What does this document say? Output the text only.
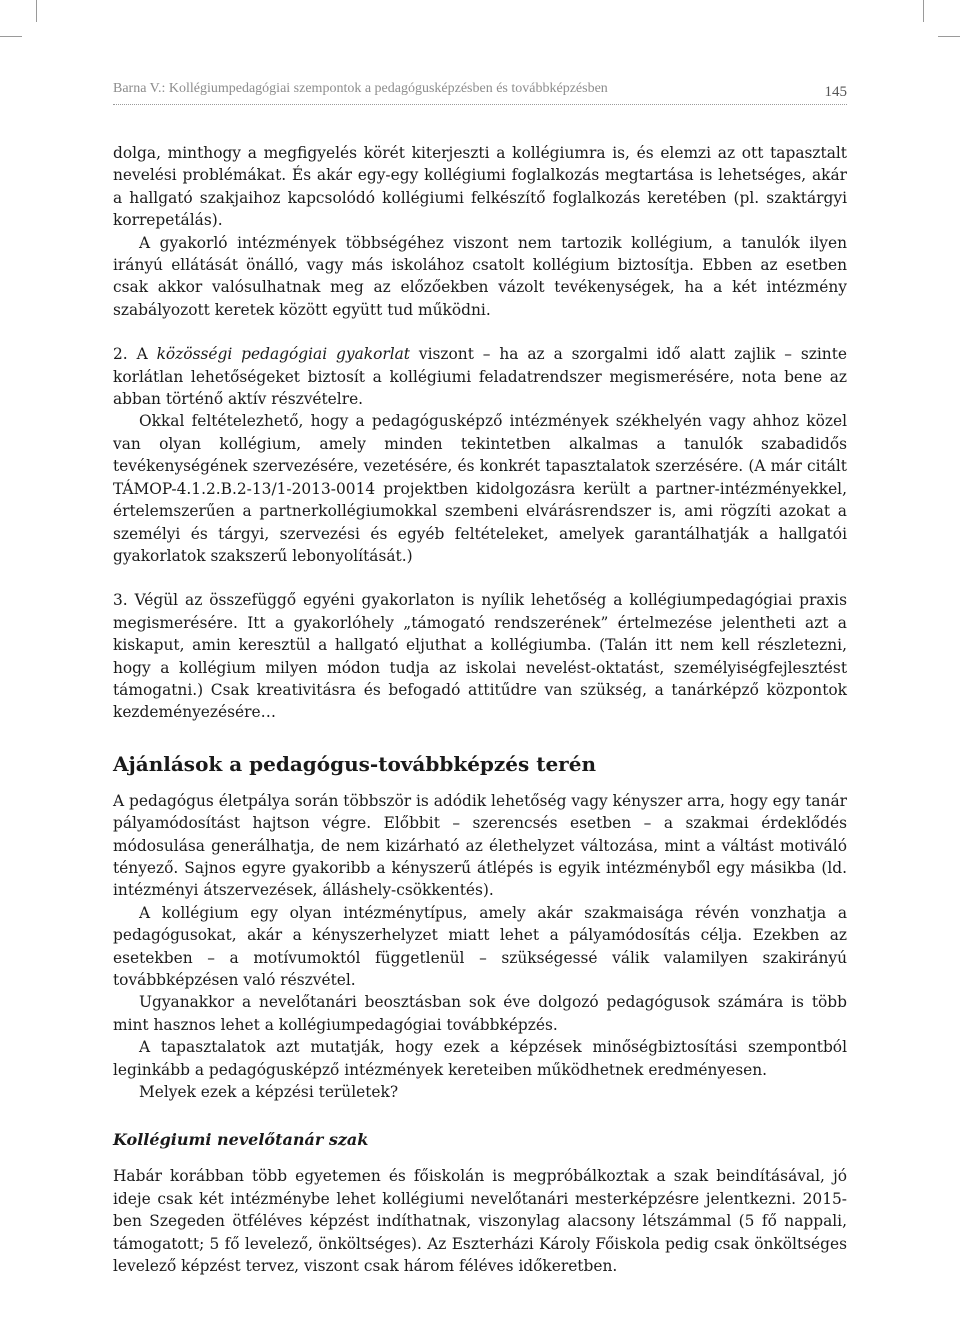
Barna V.: Kollégiumpedagógiai szempontok a pedagógusképzésben és továbbképzésben	145

dolga, minthogy a megfigyelés körét kiterjeszti a kollégiumra is, és elemzi az ott tapasztalt nevelési problémákat. És akár egy-egy kollégiumi foglalkozás megtartása is lehetséges, akár a hallgató szakjaihoz kapcsolódó kollégiumi felkészítő foglalkozás keretében (pl. szaktárgyi korrepetálás).

A gyakorló intézmények többségéhez viszont nem tartozik kollégium, a tanulók ilyen irányú ellátását önálló, vagy más iskolához csatolt kollégium biztosítja. Ebben az esetben csak akkor valósulhatnak meg az előzőekben vázolt tevékenységek, ha a két intézmény szabályozott keretek között együtt tud működni.

2. A közösségi pedagógiai gyakorlat viszont – ha az a szorgalmi idő alatt zajlik – szinte korlátlan lehetőségeket biztosít a kollégiumi feladatrendszer megismerésére, nota bene az abban történő aktív részvételre.

Okkal feltételezhető, hogy a pedagógusképző intézmények székhelyén vagy ahhoz közel van olyan kollégium, amely minden tekintetben alkalmas a tanulók szabadidős tevékenységének szervezésére, vezetésére, és konkrét tapasztalatok szerzésére. (A már citált TÁMOP-4.1.2.B.2-13/1-2013-0014 projektben kidolgozásra került a partner-intézményekkel, értelemszerűen a partnerkollégiumokkal szembeni elvárásrendszer is, ami rögzíti azokat a személyi és tárgyi, szervezési és egyéb feltételeket, amelyek garantálhatják a hallgatói gyakorlatok szakszerű lebonyolítását.)

3. Végül az összefüggő egyéni gyakorlaton is nyílik lehetőség a kollégiumpedagógiai praxis megismerésére. Itt a gyakorlóhely „támogató rendszerének” értelmezése jelentheti azt a kiskaput, amin keresztül a hallgató eljuthat a kollégiumba. (Talán itt nem kell részletezni, hogy a kollégium milyen módon tudja az iskolai nevelést-oktatást, személyiségfejlesztést támogatni.) Csak kreativitásra és befogadó attitűdre van szükség, a tanárképző központok kezdeményezésére…

Ajánlások a pedagógus-továbbképzés terén

A pedagógus életpálya során többször is adódik lehetőség vagy kényszer arra, hogy egy tanár pályamódosítást hajtson végre. Előbbit – szerencsés esetben – a szakmai érdeklődés módosulása generálhatja, de nem kizárható az élethelyzet változása, mint a váltást motiváló tényező. Sajnos egyre gyakoribb a kényszerű átlépés is egyik intézményből egy másikba (ld. intézményi átszervezések, álláshely-csökkentés).

A kollégium egy olyan intézménytípus, amely akár szakmaisága révén vonzhatja a pedagógusokat, akár a kényszerhelyzet miatt lehet a pályamódosítás célja. Ezekben az esetekben – a motívumoktól függetlenül – szükségessé válik valamilyen szakirányú továbbképzésen való részvétel.

Ugyanakkor a nevelőtanári beosztásban sok éve dolgozó pedagógusok számára is több mint hasznos lehet a kollégiumpedagógiai továbbképzés.

A tapasztalatok azt mutatják, hogy ezek a képzések minőségbiztosítási szempontból leginkább a pedagógusképző intézmények kereteiben működhetnek eredményesen.

Melyek ezek a képzési területek?

Kollégiumi nevelőtanár szak

Habár korábban több egyetemen és főiskolán is megpróbálkoztak a szak beindításával, jó ideje csak két intézménybe lehet kollégiumi nevelőtanári mesterképzésre jelentkezni. 2015-ben Szegeden ötféléves képzést indíthatnak, viszonylag alacsony létszámmal (5 fő nappali, támogatott; 5 fő levelező, önköltséges). Az Eszterházi Károly Főiskola pedig csak önköltséges levelező képzést tervez, viszont csak három féléves időkeretben.
